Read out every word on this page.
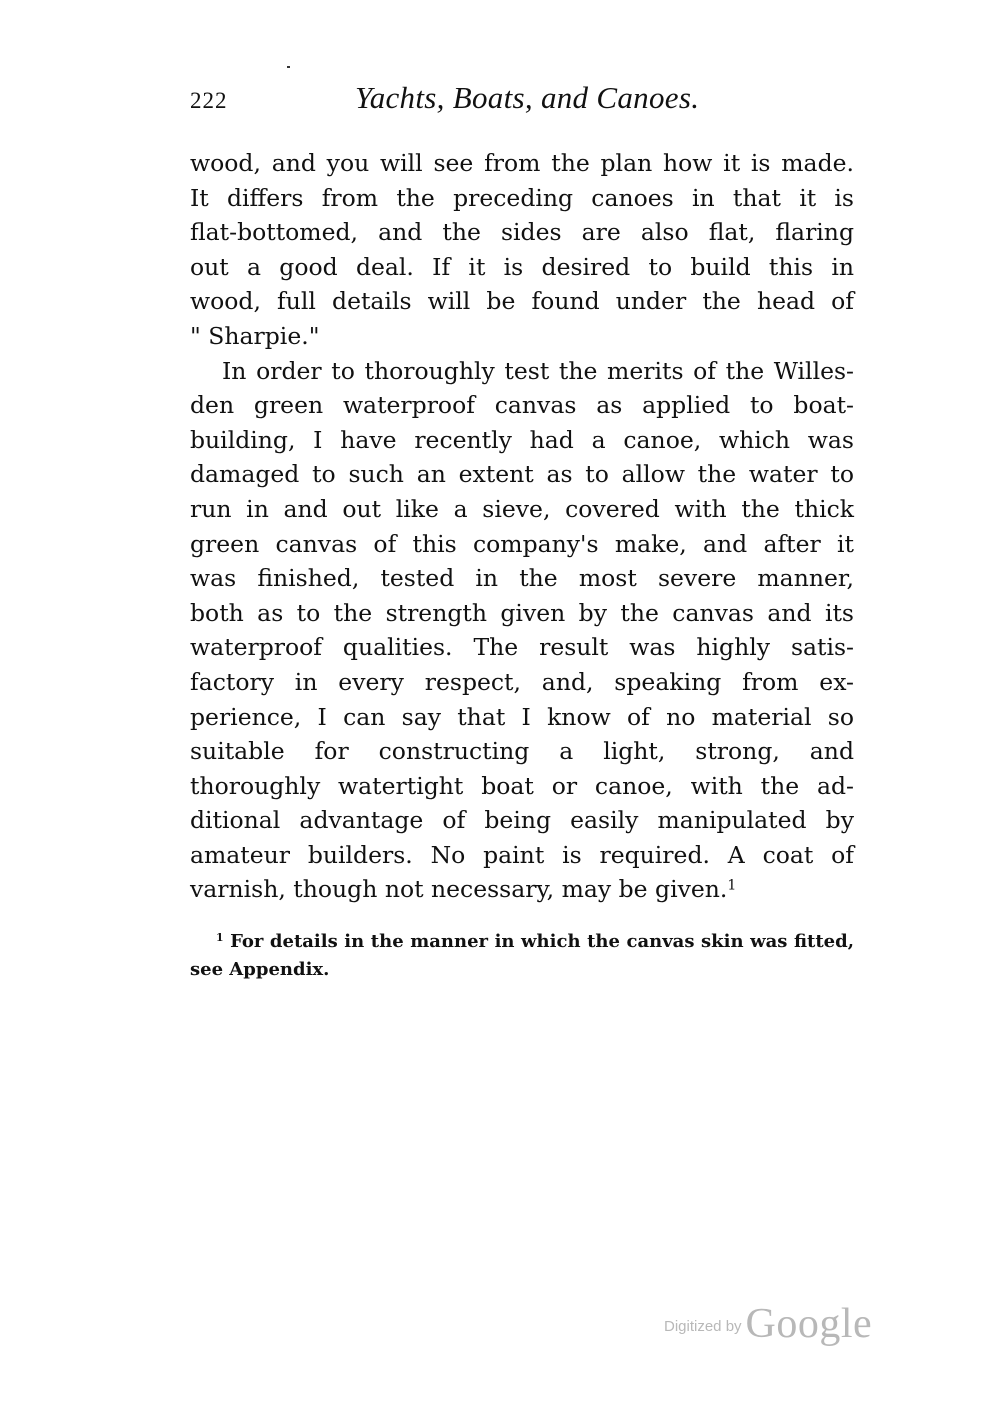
222	Yachts, Boats, and Canoes.
wood, and you will see from the plan how it is made.
It differs from the preceding canoes in that it is
flat-bottomed, and the sides are also flat, flaring
out a good deal. If it is desired to build this in
wood, full details will be found under the head of
" Sharpie."
In order to thoroughly test the merits of the Willes-
den green waterproof canvas as applied to boat-
building, I have recently had a canoe, which was
damaged to such an extent as to allow the water to
run in and out like a sieve, covered with the thick
green canvas of this company's make, and after it
was finished, tested in the most severe manner,
both as to the strength given by the canvas and its
waterproof qualities. The result was highly satis-
factory in every respect, and, speaking from ex-
perience, I can say that I know of no material so
suitable for constructing a light, strong, and
thoroughly watertight boat or canoe, with the ad-
ditional advantage of being easily manipulated by
amateur builders. No paint is required. A coat of
varnish, though not necessary, may be given.$^1$
$^1$ For details in the manner in which the canvas skin was fitted,
see Appendix.
Digitized byGoogle
